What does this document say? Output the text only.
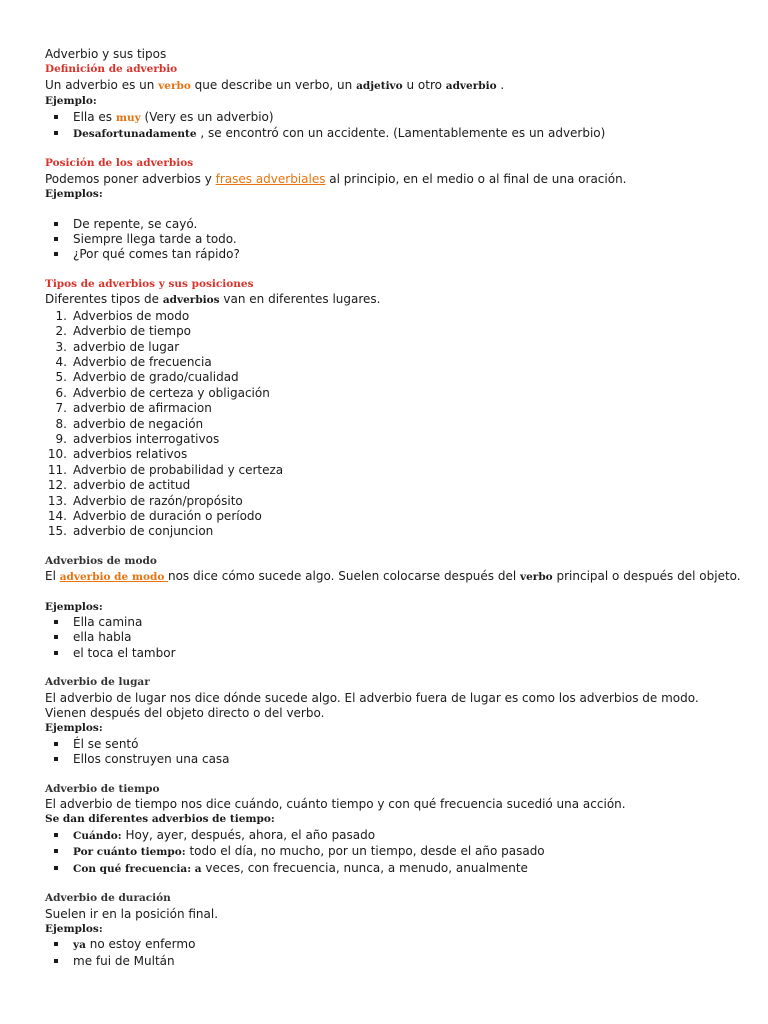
Adverbio y sus tipos
Definición de adverbio
Un adverbio es un verbo que describe un verbo, un adjetivo u otro adverbio .
Ejemplo:
Ella es muy (Very es un adverbio)
Desafortunadamente , se encontró con un accidente. (Lamentablemente es un adverbio)
Posición de los adverbios
Podemos poner adverbios y frases adverbiales al principio, en el medio o al final de una oración.
Ejemplos:
De repente, se cayó.
Siempre llega tarde a todo.
¿Por qué comes tan rápido?
Tipos de adverbios y sus posiciones
Diferentes tipos de adverbios van en diferentes lugares.
1. Adverbios de modo
2. Adverbio de tiempo
3. adverbio de lugar
4. Adverbio de frecuencia
5. Adverbio de grado/cualidad
6. Adverbio de certeza y obligación
7. adverbio de afirmacion
8. adverbio de negación
9. adverbios interrogativos
10. adverbios relativos
11. Adverbio de probabilidad y certeza
12. adverbio de actitud
13. Adverbio de razón/propósito
14. Adverbio de duración o período
15. adverbio de conjuncion
Adverbios de modo
El adverbio de modo nos dice cómo sucede algo. Suelen colocarse después del verbo principal o después del objeto.
Ejemplos:
Ella camina
ella habla
el toca el tambor
Adverbio de lugar
El adverbio de lugar nos dice dónde sucede algo. El adverbio fuera de lugar es como los adverbios de modo. Vienen después del objeto directo o del verbo.
Ejemplos:
Él se sentó
Ellos construyen una casa
Adverbio de tiempo
El adverbio de tiempo nos dice cuándo, cuánto tiempo y con qué frecuencia sucedió una acción.
Se dan diferentes adverbios de tiempo:
Cuándo: Hoy, ayer, después, ahora, el año pasado
Por cuánto tiempo: todo el día, no mucho, por un tiempo, desde el año pasado
Con qué frecuencia: a veces, con frecuencia, nunca, a menudo, anualmente
Adverbio de duración
Suelen ir en la posición final.
Ejemplos:
ya no estoy enfermo
me fui de Multán
